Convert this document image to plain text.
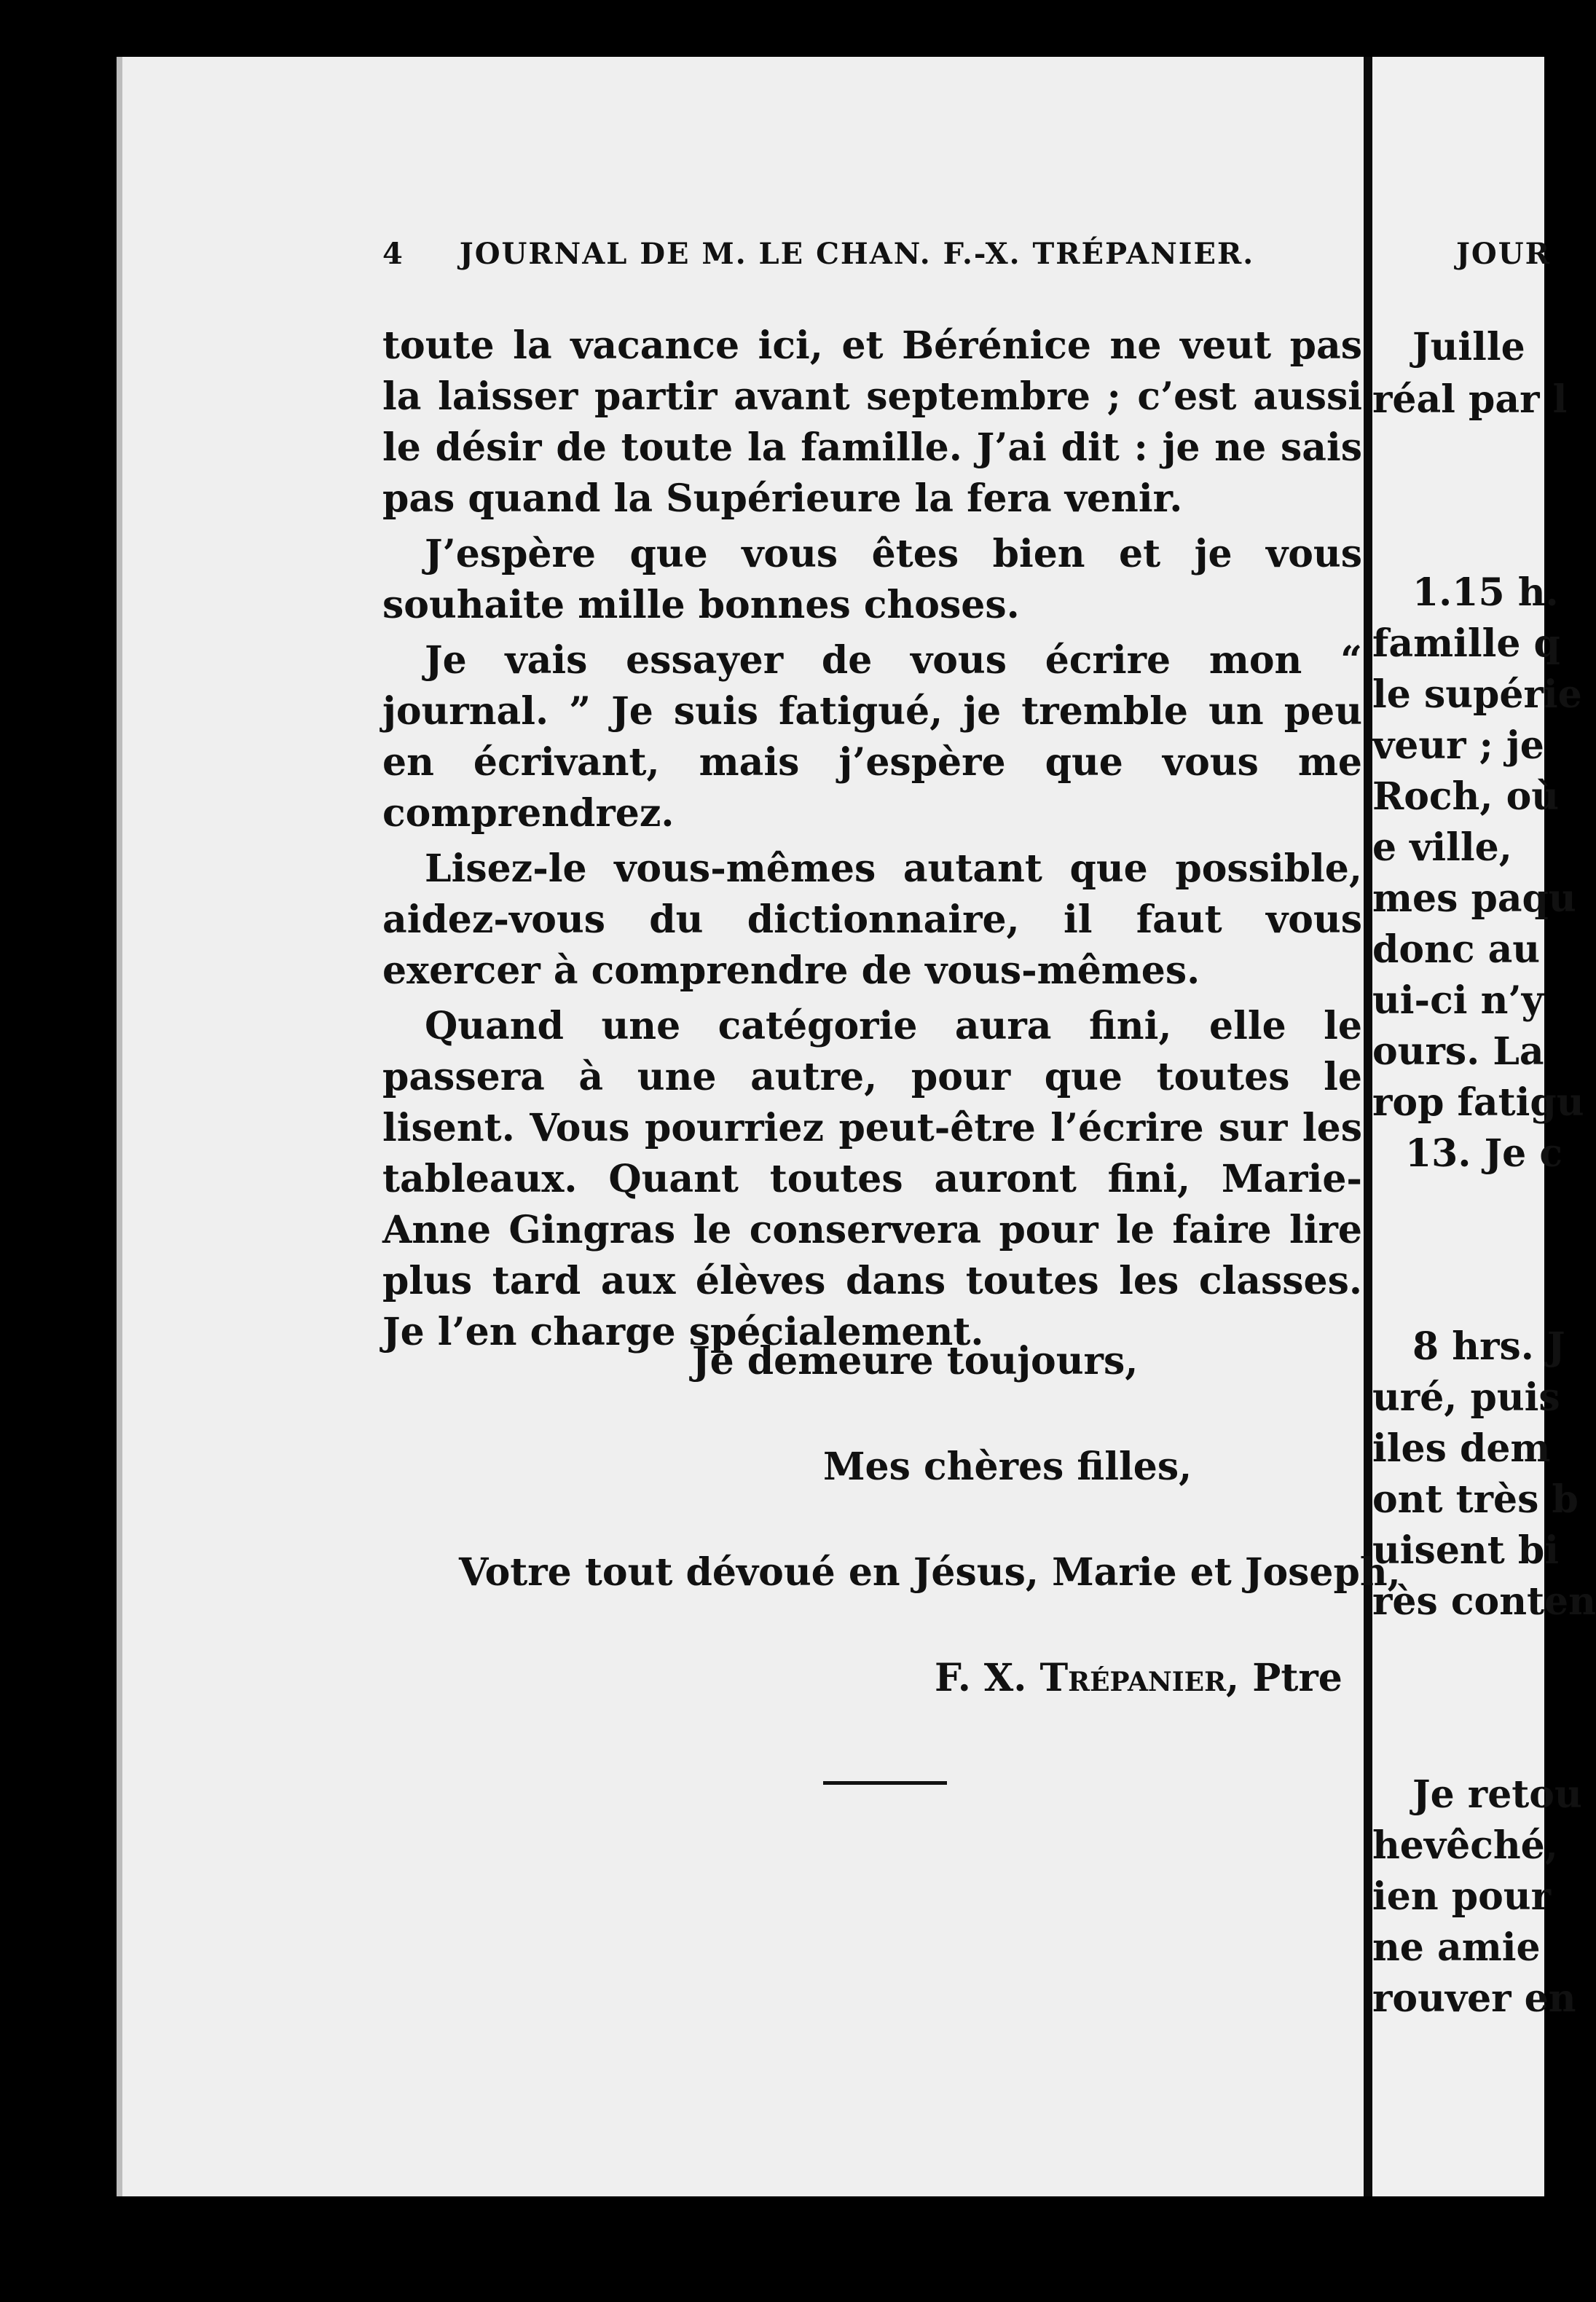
JOUR
Juille
réal par l
1.15 h.
famille q
le supérie
veur ; je
Roch, où
e ville,
mes paqu
donc au
ui-ci n’y
ours. La
rop fatigu
13. Je c
8 hrs. J
uré, puis
iles dem
ont très b
uisent bi
rès conten
Je retou
hevêché,
ien pour
ne amie
rouver en
4 JOURNAL DE M. LE CHAN. F.-X. TRÉPANIER.

toute la vacance ici, et Bérénice ne veut pas la laisser partir avant septembre ; c’est aussi le désir de toute la famille. J’ai dit : je ne sais pas quand la Supérieure la fera venir.

J’espère que vous êtes bien et je vous souhaite mille bonnes choses.

Je vais essayer de vous écrire mon “ journal. ” Je suis fatigué, je tremble un peu en écrivant, mais j’espère que vous me comprendrez.

Lisez-le vous-mêmes autant que possible, aidez-vous du dictionnaire, il faut vous exercer à comprendre de vous-mêmes.

Quand une catégorie aura fini, elle le passera à une autre, pour que toutes le lisent. Vous pourriez peut-être l’écrire sur les tableaux. Quant toutes auront fini, Marie-Anne Gingras le conservera pour le faire lire plus tard aux élèves dans toutes les classes. Je l’en charge spécialement.

Je demeure toujours,
Mes chères filles,
Votre tout dévoué en Jésus, Marie et Joseph,
F. X. Trépanier, Ptre
